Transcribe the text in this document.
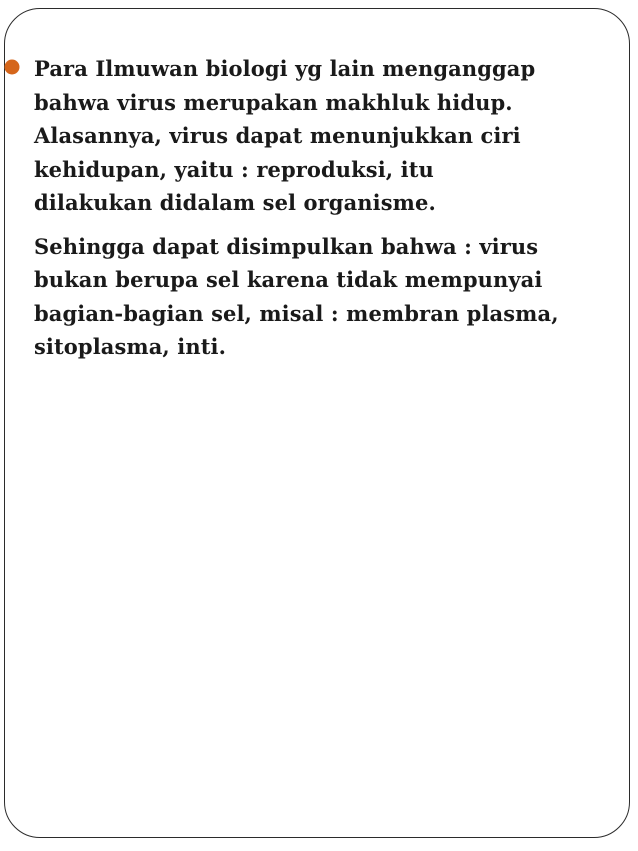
Para Ilmuwan biologi yg lain menganggap
bahwa virus merupakan makhluk hidup.
Alasannya, virus dapat menunjukkan ciri
kehidupan, yaitu : reproduksi, itu
dilakukan didalam sel organisme.

Sehingga dapat disimpulkan bahwa : virus
bukan berupa sel karena tidak mempunyai
bagian-bagian sel, misal : membran plasma,
sitoplasma, inti.
